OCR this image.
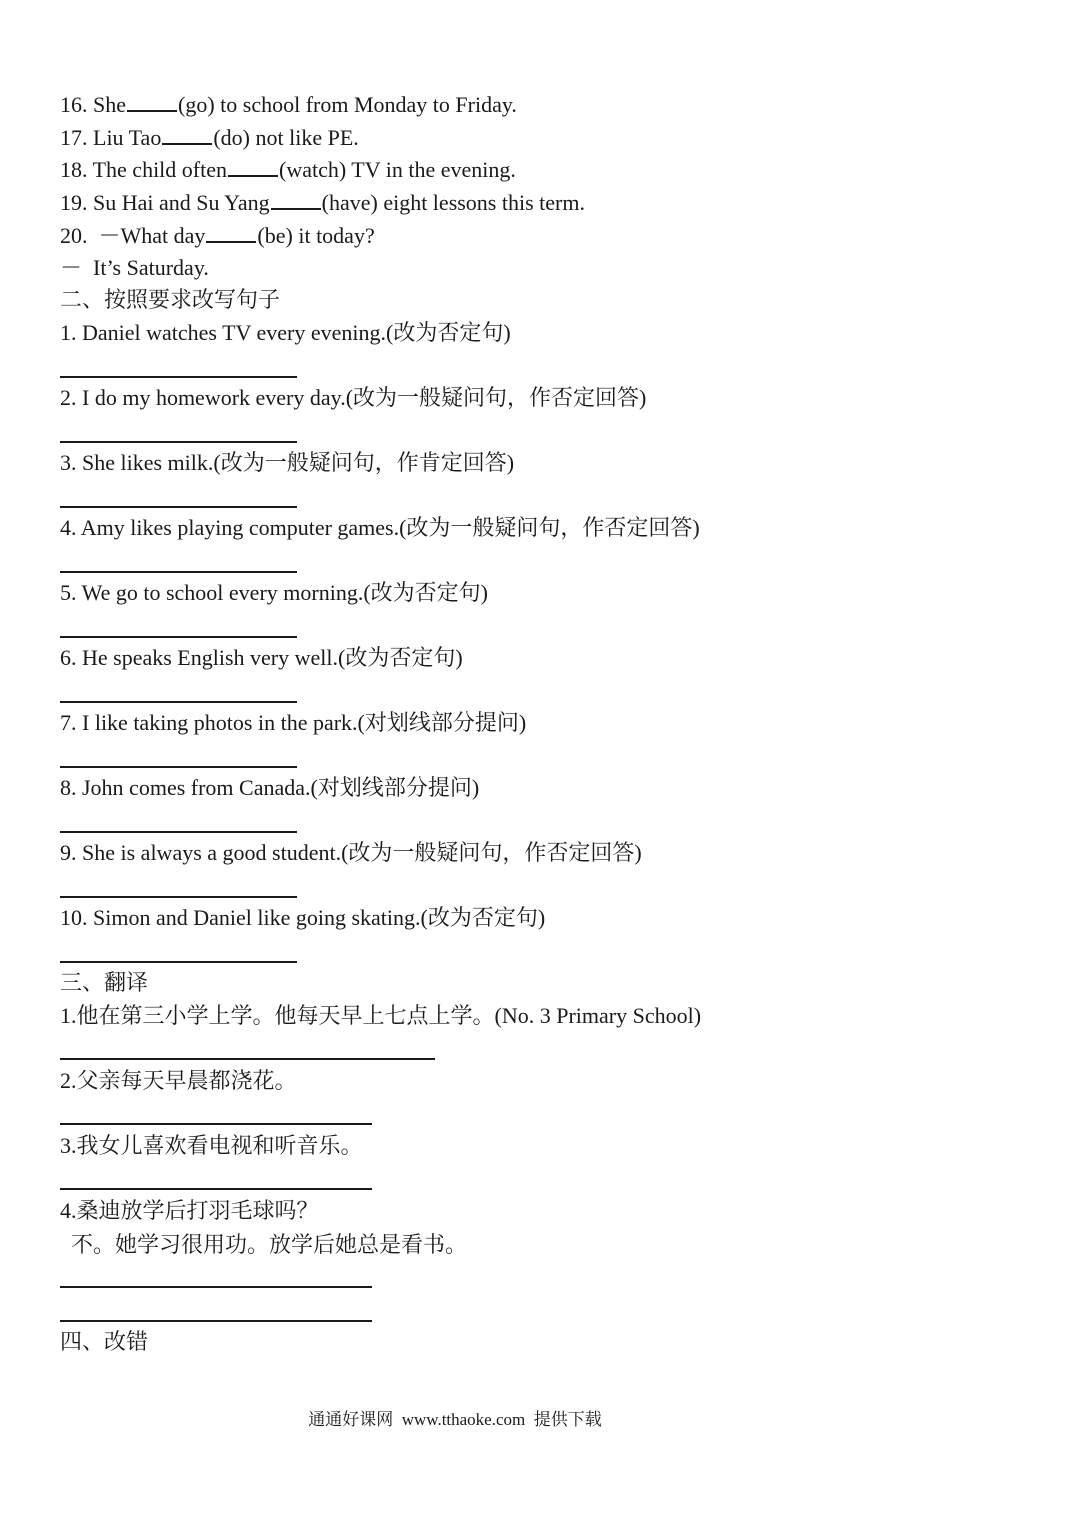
16. She (go) to school from Monday to Friday.
17. Liu Tao (do) not like PE.
18. The child often (watch) TV in the evening.
19. Su Hai and Su Yang (have) eight lessons this term.
20.  －What day (be) it today?
－  It’s Saturday.
二、按照要求改写句子
1. Daniel watches TV every evening.(改为否定句)
2. I do my homework every day.(改为一般疑问句，作否定回答)
3. She likes milk.(改为一般疑问句，作肯定回答)
4. Amy likes playing computer games.(改为一般疑问句，作否定回答)
5. We go to school every morning.(改为否定句)
6. He speaks English very well.(改为否定句)
7. I like taking photos in the park.(对划线部分提问)
8. John comes from Canada.(对划线部分提问)
9. She is always a good student.(改为一般疑问句，作否定回答)
10. Simon and Daniel like going skating.(改为否定句)
三、翻译
1.他在第三小学上学。他每天早上七点上学。(No. 3 Primary School)
2.父亲每天早晨都浇花。
3.我女儿喜欢看电视和听音乐。
4.桑迪放学后打羽毛球吗？
不。她学习很用功。放学后她总是看书。
四、改错
通通好课网  www.tthaoke.com  提供下载
